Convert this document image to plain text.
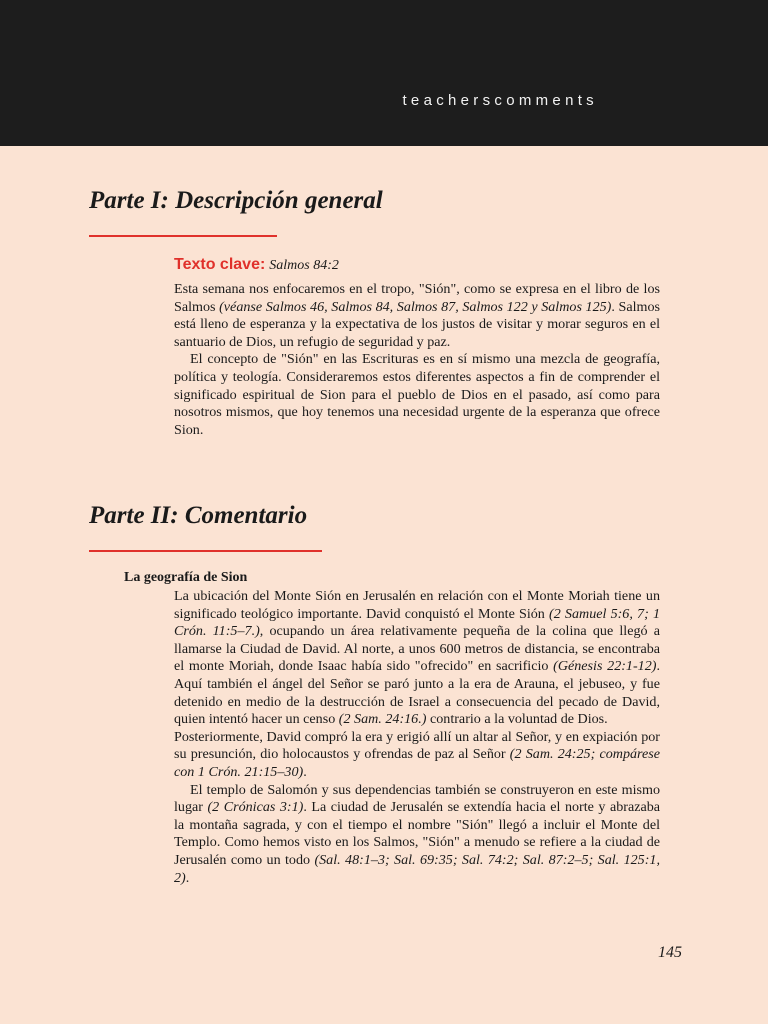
teacherscomments
Parte I: Descripción general
Texto clave: Salmos 84:2

Esta semana nos enfocaremos en el tropo, "Sión", como se expresa en el libro de los Salmos (véanse Salmos 46, Salmos 84, Salmos 87, Salmos 122 y Salmos 125). Salmos está lleno de esperanza y la expectativa de los justos de visitar y morar seguros en el santuario de Dios, un refugio de seguridad y paz.

El concepto de "Sión" en las Escrituras es en sí mismo una mezcla de geografía, política y teología. Consideraremos estos diferentes aspectos a fin de comprender el significado espiritual de Sion para el pueblo de Dios en el pasado, así como para nosotros mismos, que hoy tenemos una necesidad urgente de la esperanza que ofrece Sion.

Parte II: Comentario
La geografía de Sion

La ubicación del Monte Sión en Jerusalén en relación con el Monte Moriah tiene un significado teológico importante. David conquistó el Monte Sión (2 Samuel 5:6, 7; 1 Crón. 11:5–7.), ocupando un área relativamente pequeña de la colina que llegó a llamarse la Ciudad de David. Al norte, a unos 600 metros de distancia, se encontraba el monte Moriah, donde Isaac había sido "ofrecido" en sacrificio (Génesis 22:1-12). Aquí también el ángel del Señor se paró junto a la era de Arauna, el jebuseo, y fue detenido en medio de la destrucción de Israel a consecuencia del pecado de David, quien intentó hacer un censo (2 Sam. 24:16.) contrario a la voluntad de Dios.

Posteriormente, David compró la era y erigió allí un altar al Señor, y en expiación por su presunción, dio holocaustos y ofrendas de paz al Señor (2 Sam. 24:25; compárese con 1 Crón. 21:15–30).

El templo de Salomón y sus dependencias también se construyeron en este mismo lugar (2 Crónicas 3:1). La ciudad de Jerusalén se extendía hacia el norte y abrazaba la montaña sagrada, y con el tiempo el nombre "Sión" llegó a incluir el Monte del Templo. Como hemos visto en los Salmos, "Sión" a menudo se refiere a la ciudad de Jerusalén como un todo (Sal. 48:1–3; Sal. 69:35; Sal. 74:2; Sal. 87:2–5; Sal. 125:1, 2).

145
